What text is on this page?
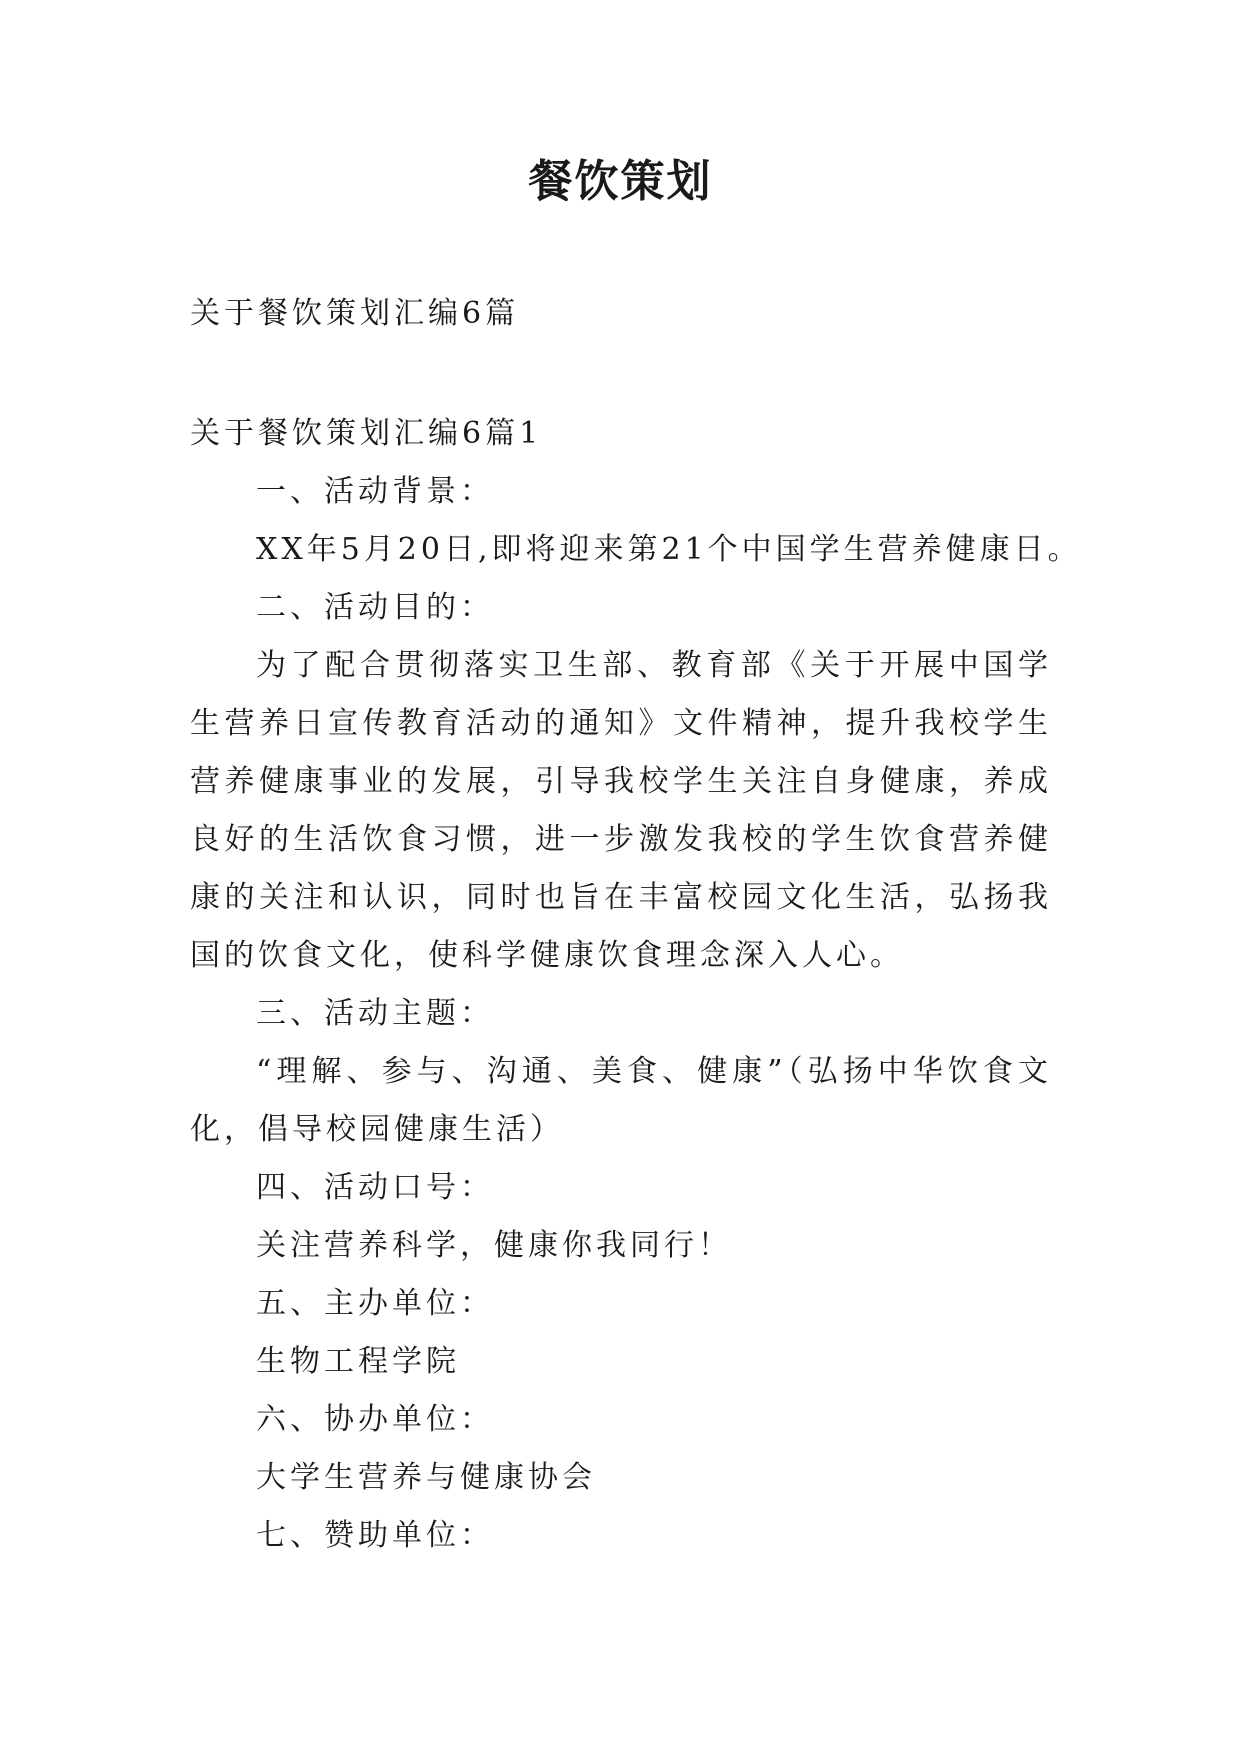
餐饮策划
关于餐饮策划汇编6篇
关于餐饮策划汇编6篇1
一、活动背景：
XX年5月20日,即将迎来第21个中国学生营养健康日。
二、活动目的：
为了配合贯彻落实卫生部、教育部《关于开展中国学生营养日宣传教育活动的通知》文件精神，提升我校学生营养健康事业的发展，引导我校学生关注自身健康，养成良好的生活饮食习惯，进一步激发我校的学生饮食营养健康的关注和认识，同时也旨在丰富校园文化生活，弘扬我国的饮食文化，使科学健康饮食理念深入人心。
三、活动主题：
“理解、参与、沟通、美食、健康”（弘扬中华饮食文化，倡导校园健康生活）
四、活动口号：
关注营养科学，健康你我同行！
五、主办单位：
生物工程学院
六、协办单位：
大学生营养与健康协会
七、赞助单位：
